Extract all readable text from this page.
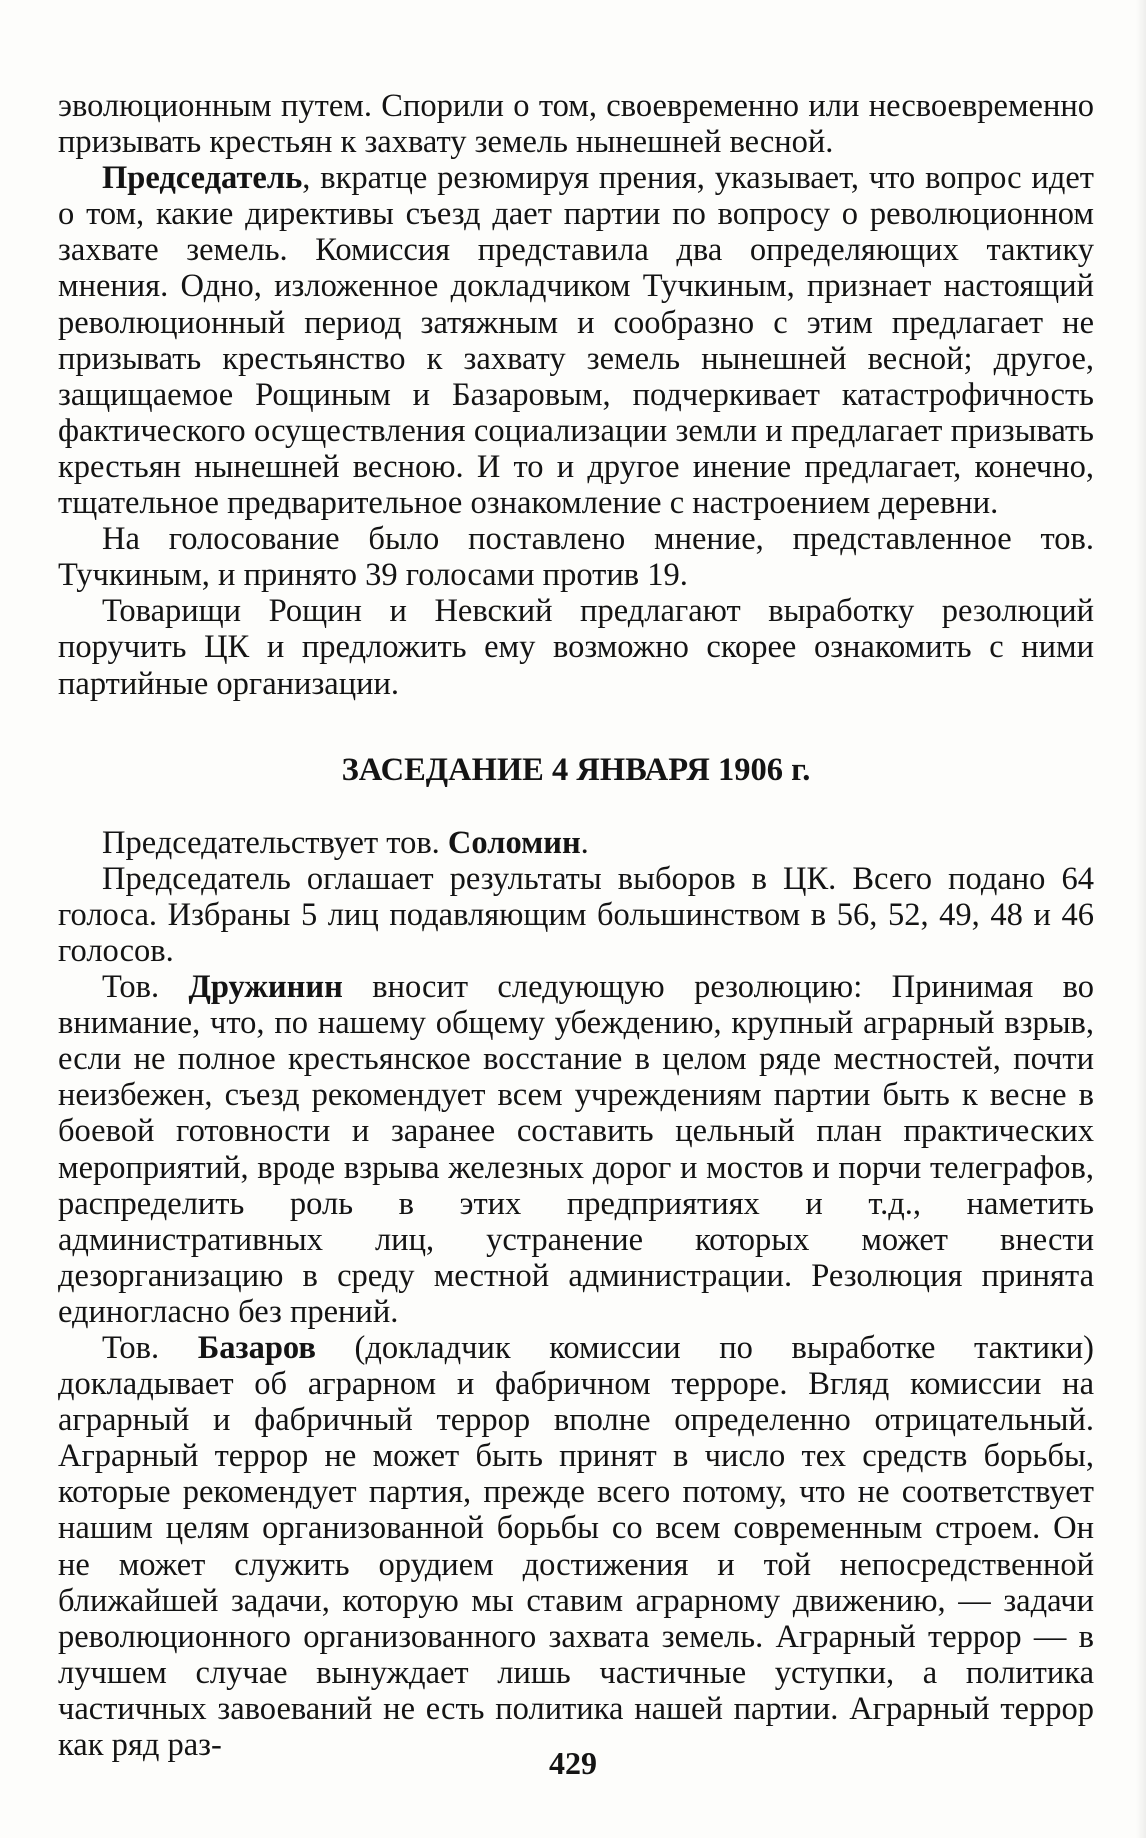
эволюционным путем. Спорили о том, своевременно или несвоевременно призывать крестьян к захвату земель нынешней весной.

Председатель, вкратце резюмируя прения, указывает, что вопрос идет о том, какие директивы съезд дает партии по вопросу о революционном захвате земель. Комиссия представила два определяющих тактику мнения. Одно, изложенное докладчиком Тучкиным, признает настоящий революционный период затяжным и сообразно с этим предлагает не призывать крестьянство к захвату земель нынешней весной; другое, защищаемое Рощиным и Базаровым, подчеркивает катастрофичность фактического осуществления социализации земли и предлагает призывать крестьян нынешней весною. И то и другое инение предлагает, конечно, тщательное предварительное ознакомление с настроением деревни.

На голосование было поставлено мнение, представленное тов. Тучкиным, и принято 39 голосами против 19.

Товарищи Рощин и Невский предлагают выработку резолюций поручить ЦК и предложить ему возможно скорее ознакомить с ними партийные организации.

ЗАСЕДАНИЕ 4 ЯНВАРЯ 1906 г.

Председательствует тов. Соломин.

Председатель оглашает результаты выборов в ЦК. Всего подано 64 голоса. Избраны 5 лиц подавляющим большинством в 56, 52, 49, 48 и 46 голосов.

Тов. Дружинин вносит следующую резолюцию: Принимая во внимание, что, по нашему общему убеждению, крупный аграрный взрыв, если не полное крестьянское восстание в целом ряде местностей, почти неизбежен, съезд рекомендует всем учреждениям партии быть к весне в боевой готовности и заранее составить цельный план практических мероприятий, вроде взрыва железных дорог и мостов и порчи телеграфов, распределить роль в этих предприятиях и т.д., наметить административных лиц, устранение которых может внести дезорганизацию в среду местной администрации. Резолюция принята единогласно без прений.

Тов. Базаров (докладчик комиссии по выработке тактики) докладывает об аграрном и фабричном терроре. Вгляд комиссии на аграрный и фабричный террор вполне определенно отрицательный. Аграрный террор не может быть принят в число тех средств борьбы, которые рекомендует партия, прежде всего потому, что не соответствует нашим целям организованной борьбы со всем современным строем. Он не может служить орудием достижения и той непосредственной ближайшей задачи, которую мы ставим аграрному движению, — задачи революционного организованного захвата земель. Аграрный террор — в лучшем случае вынуждает лишь частичные уступки, а политика частичных завоеваний не есть политика нашей партии. Аграрный террор как ряд раз-	429
